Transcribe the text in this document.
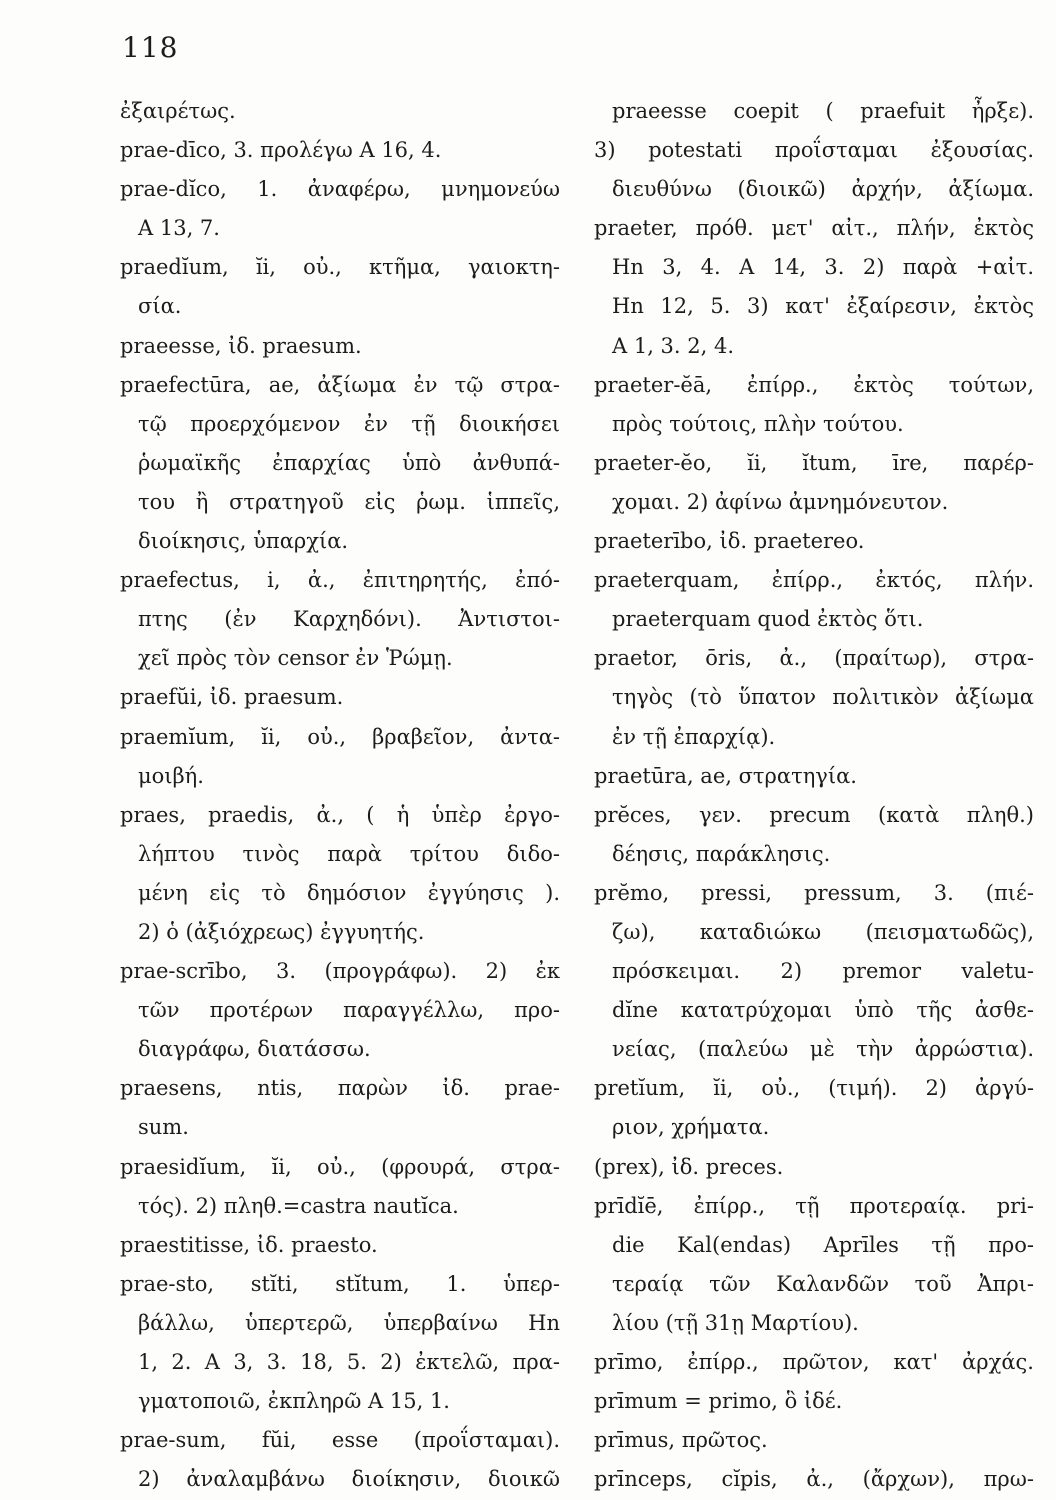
118
ἐξαιρέτως.
prae-dīco, 3. προλέγω Α 16, 4.
prae-dĭco, 1. ἀναφέρω, μνημονεύω
Α 13, 7.
praedĭum, ĭi, οὐ., κτῆμα, γαιοκτη-
σία.
praeesse, ἰδ. praesum.
praefectūra, ae, ἀξίωμα ἐν τῷ στρα-
τῷ προερχόμενον ἐν τῇ διοικήσει
ῥωμαϊκῆς ἐπαρχίας ὑπὸ ἀνθυπά-
του ἢ στρατηγοῦ εἰς ῥωμ. ἱππεῖς,
διοίκησις, ὑπαρχία.
praefectus, i, ἀ., ἐπιτηρητής, ἐπό-
πτης (ἐν Καρχηδόνι). Ἀντιστοι-
χεῖ πρὸς τὸν censor ἐν Ῥώμῃ.
praefŭi, ἰδ. praesum.
praemĭum, ĭi, οὐ., βραβεῖον, ἀντα-
μοιβή.
praes, praedis, ἀ., ( ἡ ὑπὲρ ἐργο-
λήπτου τινὸς παρὰ τρίτου διδο-
μένη εἰς τὸ δημόσιον ἐγγύησις ).
2) ὁ (ἀξιόχρεως) ἐγγυητής.
prae-scrībo, 3. (προγράφω). 2) ἐκ
τῶν προτέρων παραγγέλλω, προ-
διαγράφω, διατάσσω.
praesens, ntis, παρὼν ἰδ. prae-
sum.
praesidĭum, ĭi, οὐ., (φρουρά, στρα-
τός). 2) πληθ.=castra nautĭca.
praestitisse, ἰδ. praesto.
prae-sto, stĭti, stĭtum, 1. ὑπερ-
βάλλω, ὑπερτερῶ, ὑπερβαίνω Ηn
1, 2. Α 3, 3. 18, 5. 2) ἐκτελῶ, πρα-
γματοποιῶ, ἐκπληρῶ Α 15, 1.
prae-sum, fŭi, esse (προΐσταμαι).
2) ἀναλαμβάνω διοίκησιν, διοικῶ
praeesse coepit ( praefuit ἦρξε).
3) potestati προΐσταμαι ἐξουσίας.
διευθύνω (διοικῶ) ἀρχήν, ἀξίωμα.
praeter, πρόθ. μετ' αἰτ., πλήν, ἐκτὸς
Ηn 3, 4. Α 14, 3. 2) παρὰ +αἰτ.
Ηn 12, 5. 3) κατ' ἐξαίρεσιν, ἐκτὸς
Α 1, 3. 2, 4.
praeter-ĕā, ἐπίρρ., ἐκτὸς τούτων,
πρὸς τούτοις, πλὴν τούτου.
praeter-ĕo, ĭi, ĭtum, īre, παρέρ-
χομαι. 2) ἀφίνω ἀμνημόνευτον.
praeterībo, ἰδ. praetereo.
praeterquam, ἐπίρρ., ἐκτός, πλήν.
praeterquam quod ἐκτὸς ὅτι.
praetor, ōris, ἀ., (πραίτωρ), στρα-
τηγὸς (τὸ ὕπατον πολιτικὸν ἀξίωμα
ἐν τῇ ἐπαρχίᾳ).
praetūra, ae, στρατηγία.
prĕces, γεν. precum (κατὰ πληθ.)
δέησις, παράκλησις.
prĕmo, pressi, pressum, 3. (πιέ-
ζω), καταδιώκω (πεισματωδῶς),
πρόσκειμαι. 2) premor valetu-
dĭne κατατρύχομαι ὑπὸ τῆς ἀσθε-
νείας, (παλεύω μὲ τὴν ἀρρώστια).
pretĭum, ĭi, οὐ., (τιμή). 2) ἀργύ-
ριον, χρήματα.
(prex), ἰδ. preces.
prīdĭē, ἐπίρρ., τῇ προτεραίᾳ. pri-
die Kal(endas) Aprīles τῇ προ-
τεραίᾳ τῶν Καλανδῶν τοῦ Ἀπρι-
λίου (τῇ 31ῃ Μαρτίου).
prīmo, ἐπίρρ., πρῶτον, κατ' ἀρχάς.
prīmum = primo, ὃ ἰδέ.
prīmus, πρῶτος.
prīnceps, cĭpis, ἀ., (ἄρχων), πρω-
